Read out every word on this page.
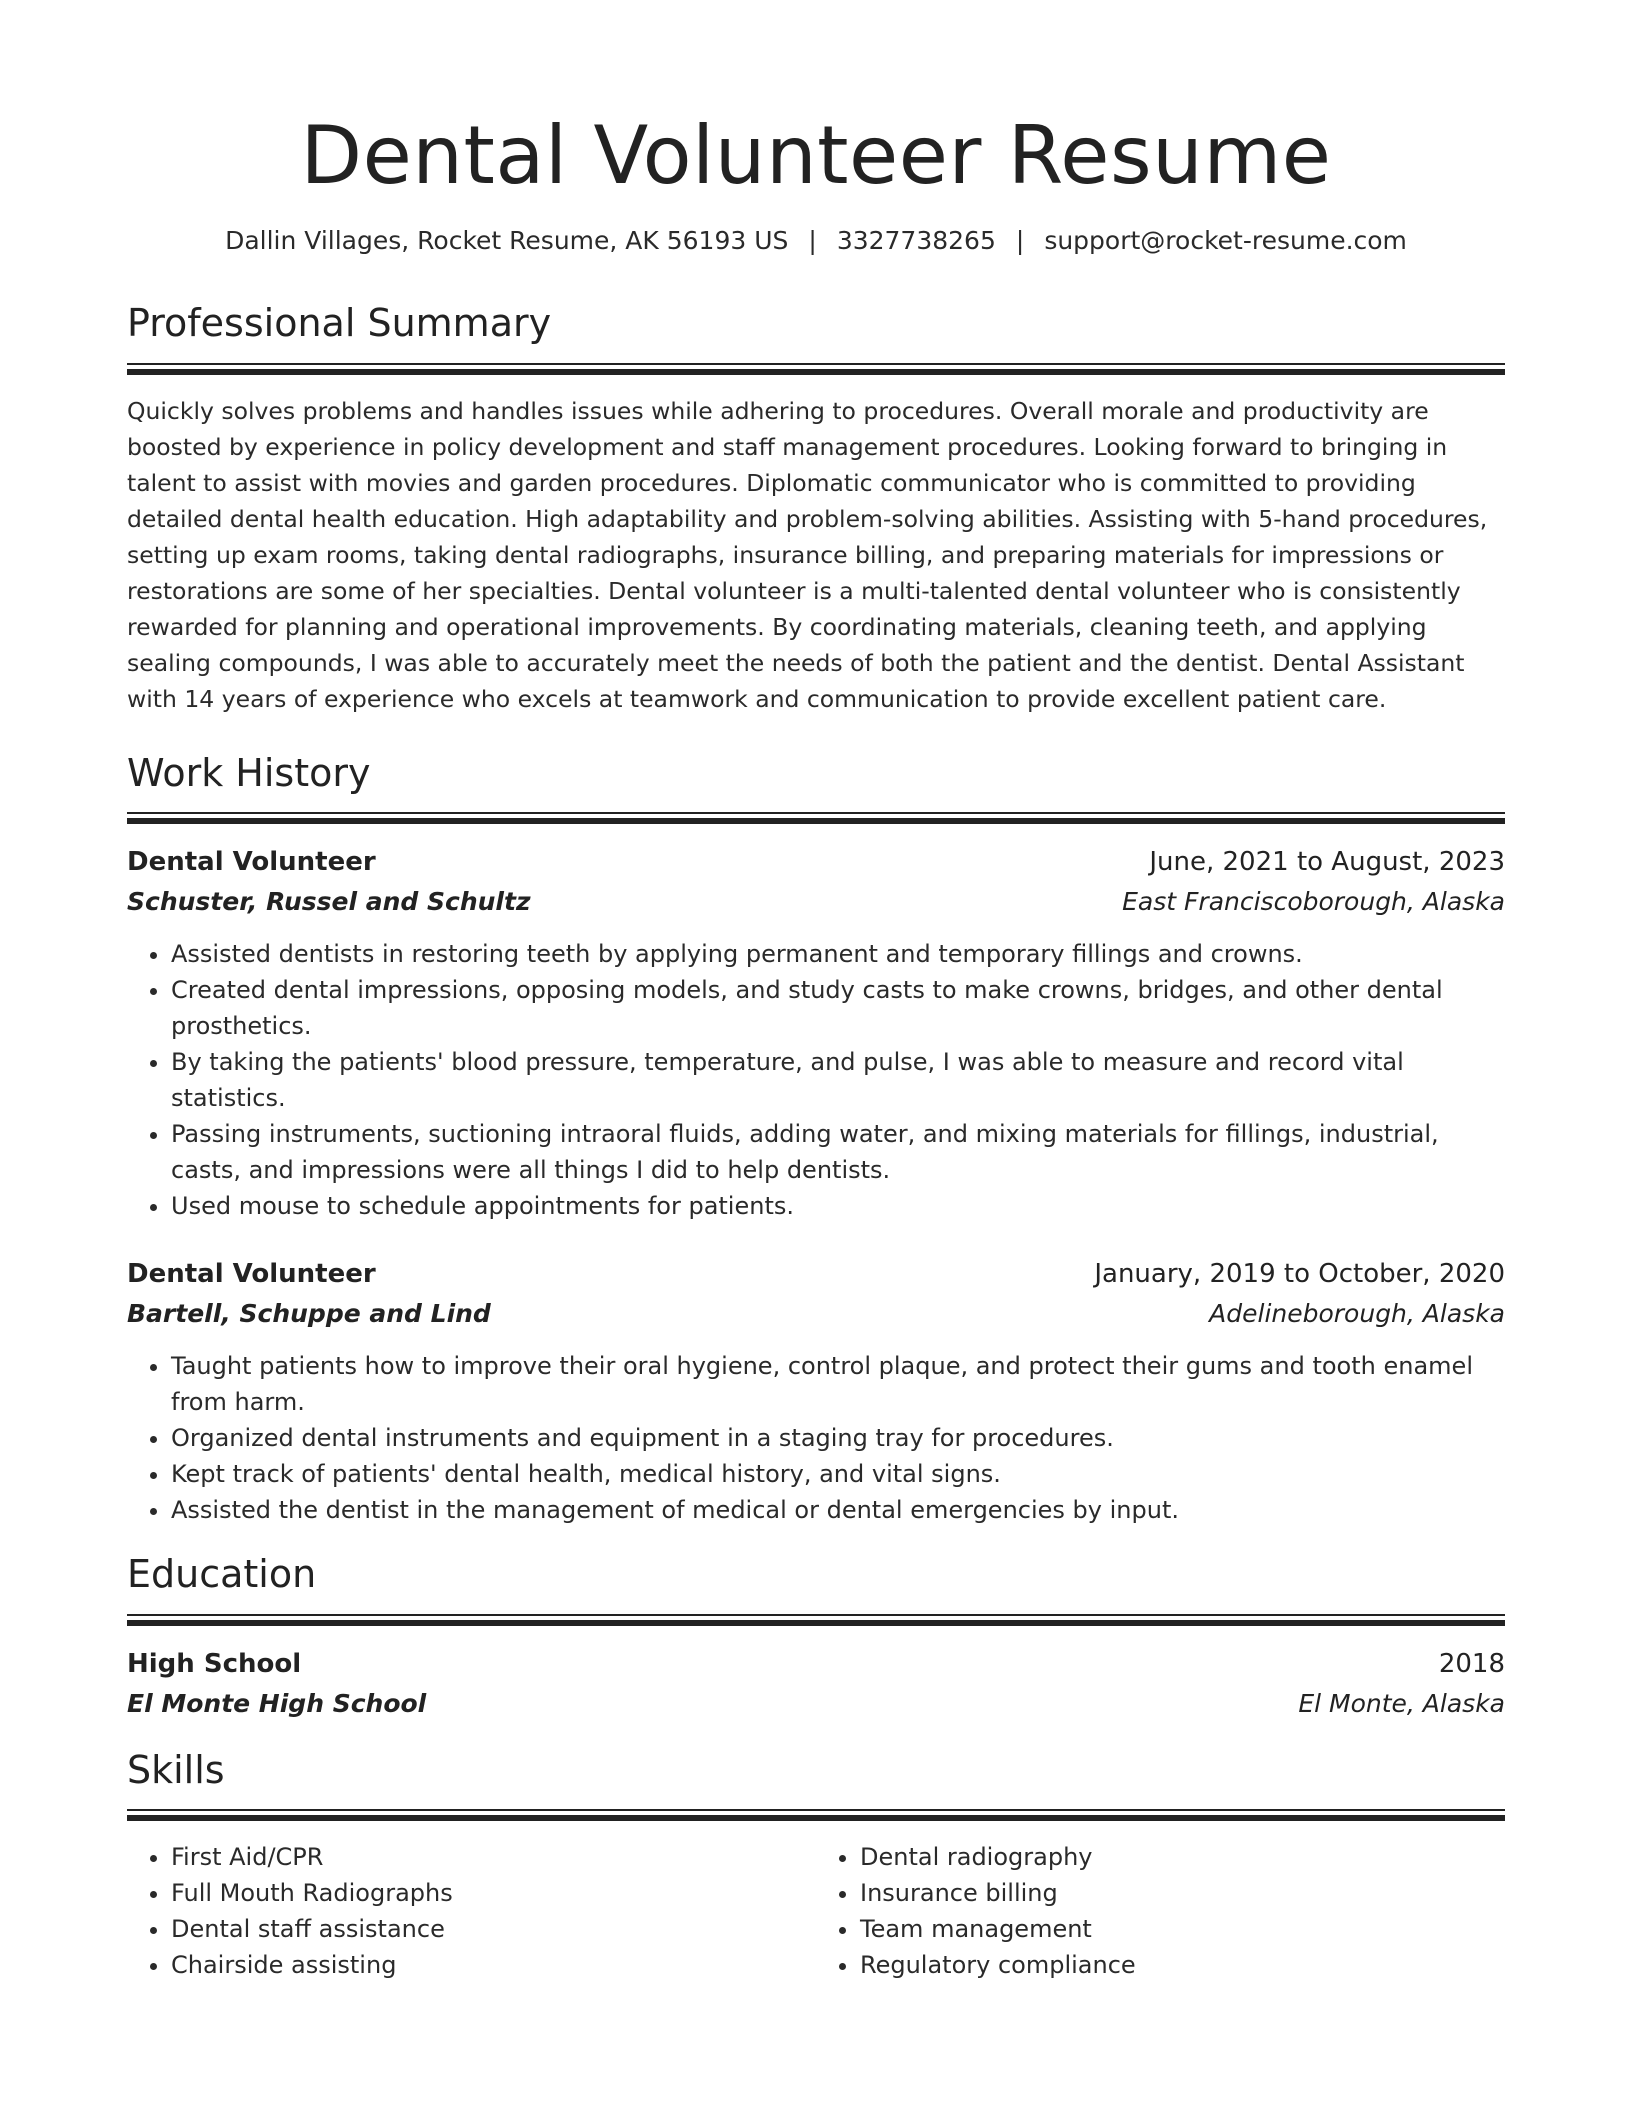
Dental Volunteer Resume
Dallin Villages, Rocket Resume, AK 56193 US | 3327738265 | support@rocket-resume.com
Professional Summary

Quickly solves problems and handles issues while adhering to procedures. Overall morale and productivity are boosted by experience in policy development and staff management procedures. Looking forward to bringing in talent to assist with movies and garden procedures. Diplomatic communicator who is committed to providing detailed dental health education. High adaptability and problem-solving abilities. Assisting with 5-hand procedures, setting up exam rooms, taking dental radiographs, insurance billing, and preparing materials for impressions or restorations are some of her specialties. Dental volunteer is a multi-talented dental volunteer who is consistently rewarded for planning and operational improvements. By coordinating materials, cleaning teeth, and applying sealing compounds, I was able to accurately meet the needs of both the patient and the dentist. Dental Assistant with 14 years of experience who excels at teamwork and communication to provide excellent patient care.

Work History
Dental Volunteer	June, 2021 to August, 2023
Schuster, Russel and Schultz	East Franciscoborough, Alaska
• Assisted dentists in restoring teeth by applying permanent and temporary fillings and crowns.
• Created dental impressions, opposing models, and study casts to make crowns, bridges, and other dental prosthetics.
• By taking the patients' blood pressure, temperature, and pulse, I was able to measure and record vital statistics.
• Passing instruments, suctioning intraoral fluids, adding water, and mixing materials for fillings, industrial, casts, and impressions were all things I did to help dentists.
• Used mouse to schedule appointments for patients.
Dental Volunteer	January, 2019 to October, 2020
Bartell, Schuppe and Lind	Adelineborough, Alaska
• Taught patients how to improve their oral hygiene, control plaque, and protect their gums and tooth enamel from harm.
• Organized dental instruments and equipment in a staging tray for procedures.
• Kept track of patients' dental health, medical history, and vital signs.
• Assisted the dentist in the management of medical or dental emergencies by input.
Education
High School	2018
El Monte High School	El Monte, Alaska
Skills
• First Aid/CPR
• Full Mouth Radiographs
• Dental staff assistance
• Chairside assisting
• Dental radiography
• Insurance billing
• Team management
• Regulatory compliance
